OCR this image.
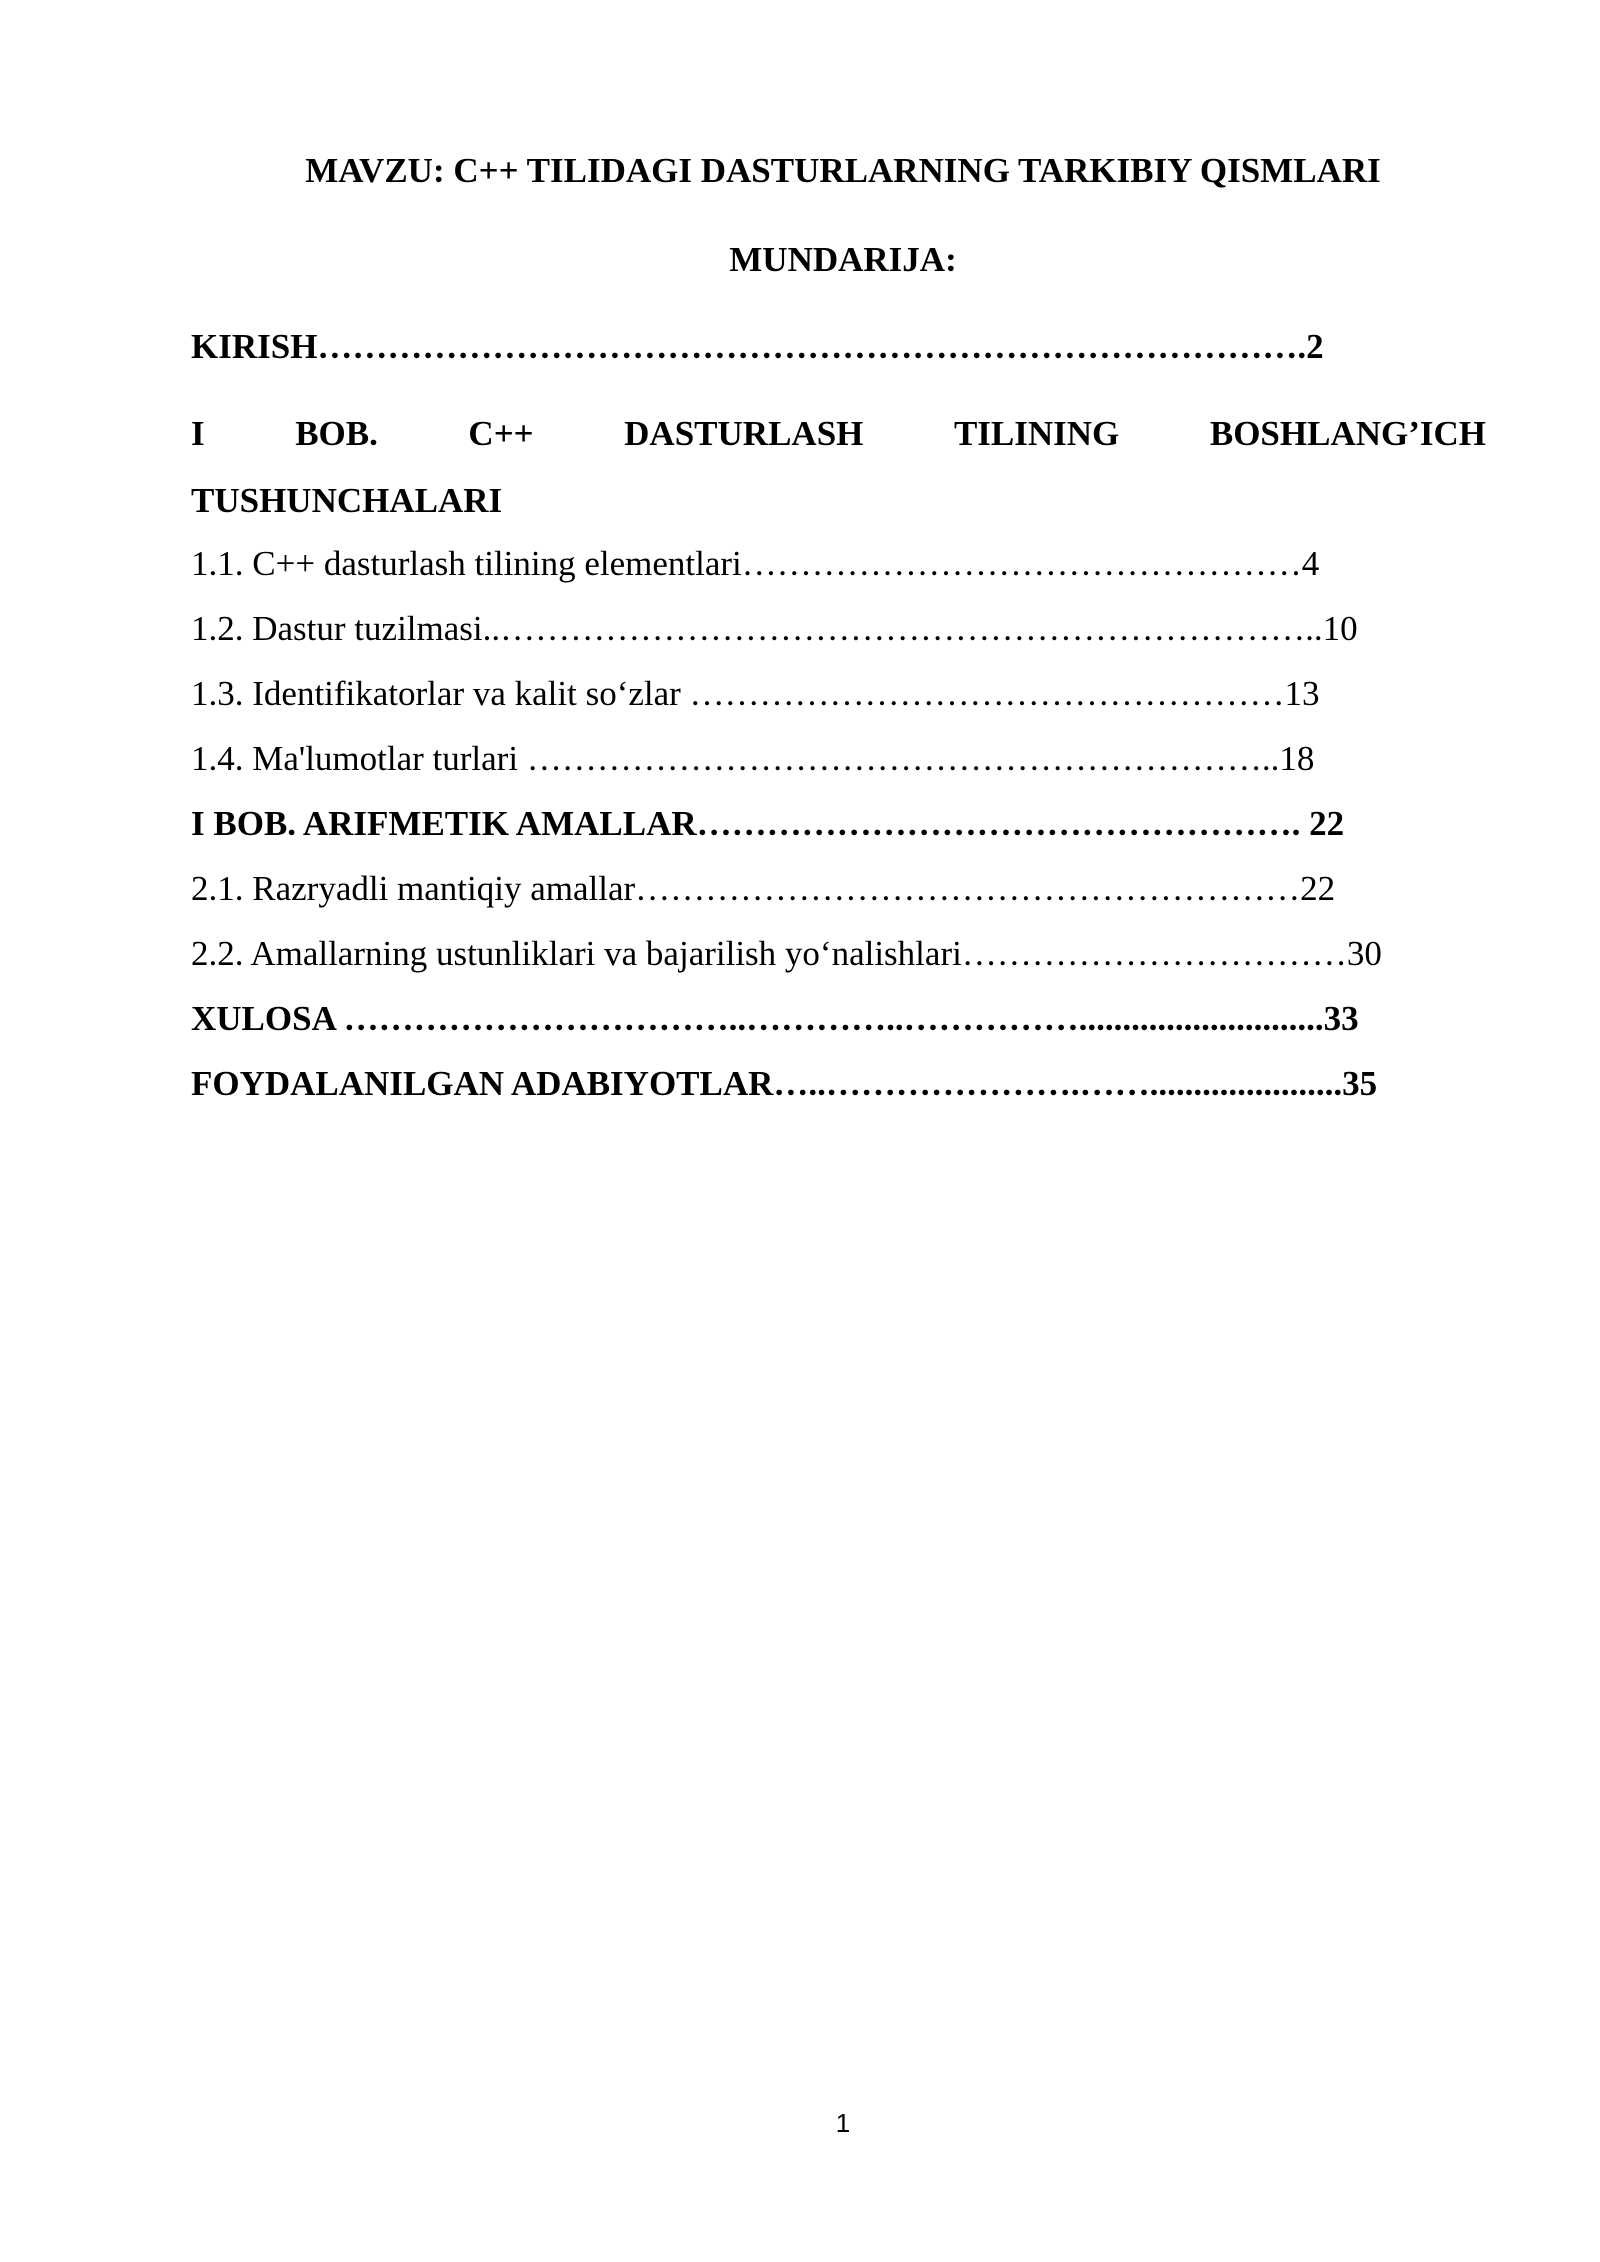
MAVZU: C++ TILIDAGI DASTURLARNING TARKIBIY QISMLARI
MUNDARIJA:
KIRISH………………………………………………………………………….2
I	BOB.	C++	DASTURLASH	TILINING	BOSHLANG’ICH
TUSHUNCHALARI
1.1. C++ dasturlash tilining elementlari…………………………………………4
1.2. Dastur tuzilmasi..……………………………………………………………..10
1.3. Identifikatorlar va kalit so‘zlar ……………………………………………13
1.4. Ma'lumotlar turlari ………………………………………………………..18
I BOB. ARIFMETIK AMALLAR……………………………………………. 22
2.1. Razryadli mantiqiy amallar…………………………………………………22
2.2. Amallarning ustunliklari va bajarilish yo‘nalishlari……………………………30
XULOSA ……………………………..…………..……………............................33
FOYDALANILGAN ADABIYOTLAR…..………………….……......................35
1
